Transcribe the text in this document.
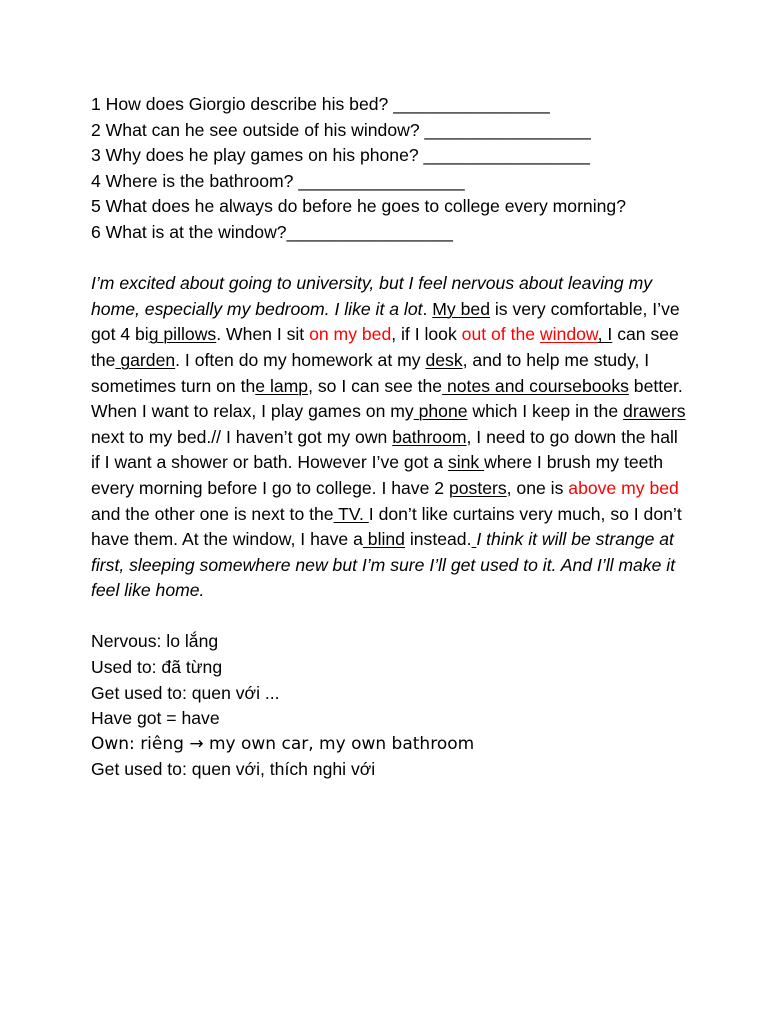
1 How does Giorgio describe his bed? ________________
2 What can he see outside of his window? _________________
3 Why does he play games on his phone? _________________
4 Where is the bathroom? _________________
5 What does he always do before he goes to college every morning?
6 What is at the window?_________________

I’m excited about going to university, but I feel nervous about leaving my home, especially my bedroom. I like it a lot. My bed is very comfortable, I’ve got 4 big pillows. When I sit on my bed, if I look out of the window, I can see the garden. I often do my homework at my desk, and to help me study, I sometimes turn on the lamp, so I can see the notes and coursebooks better. When I want to relax, I play games on my phone which I keep in the drawers next to my bed.// I haven’t got my own bathroom, I need to go down the hall if I want a shower or bath. However I’ve got a sink where I brush my teeth every morning before I go to college. I have 2 posters, one is above my bed and the other one is next to the TV. I don’t like curtains very much, so I don’t have them. At the window, I have a blind instead. I think it will be strange at first, sleeping somewhere new but I’m sure I’ll get used to it. And I’ll make it feel like home.

Nervous: lo lắng
Used to: đã từng
Get used to: quen với ...
Have got = have
Own: riêng → my own car, my own bathroom
Get used to: quen với, thích nghi với
